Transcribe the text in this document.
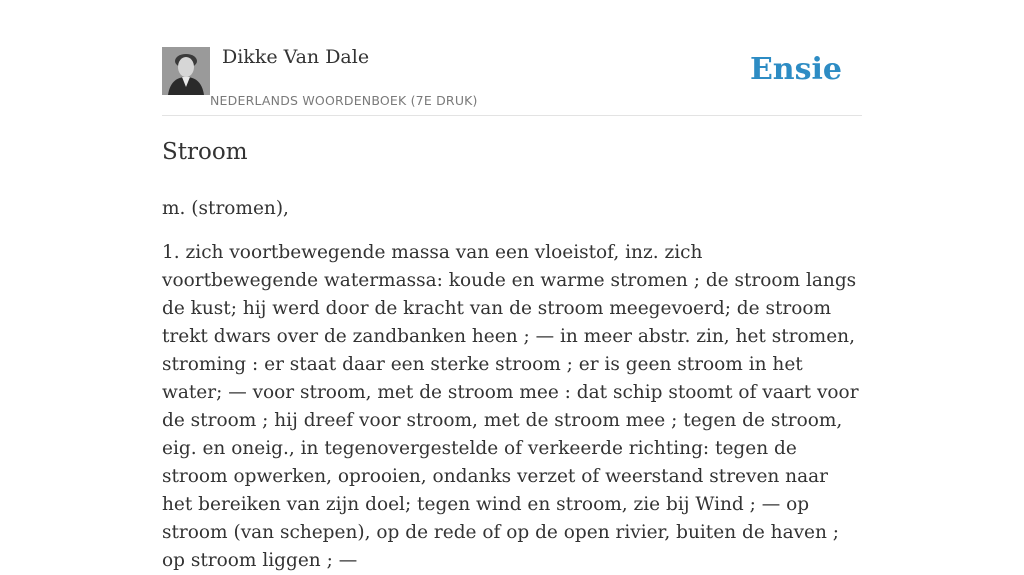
Dikke Van Dale
NEDERLANDS WOORDENBOEK (7E DRUK)
Ensie
Stroom

m. (stromen),

1. zich voortbewegende massa van een vloeistof, inz. zich voortbewegende watermassa: koude en warme stromen ; de stroom langs de kust; hij werd door de kracht van de stroom meegevoerd; de stroom trekt dwars over de zandbanken heen ; — in meer abstr. zin, het stromen, stroming : er staat daar een sterke stroom ; er is geen stroom in het water; — voor stroom, met de stroom mee : dat schip stoomt of vaart voor de stroom ; hij dreef voor stroom, met de stroom mee ; tegen de stroom, eig. en oneig., in tegenovergestelde of verkeerde richting: tegen de stroom opwerken, oprooien, ondanks verzet of weerstand streven naar het bereiken van zijn doel; tegen wind en stroom, zie bij Wind ; — op stroom (van schepen), op de rede of op de open rivier, buiten de haven ; op stroom liggen ; —
